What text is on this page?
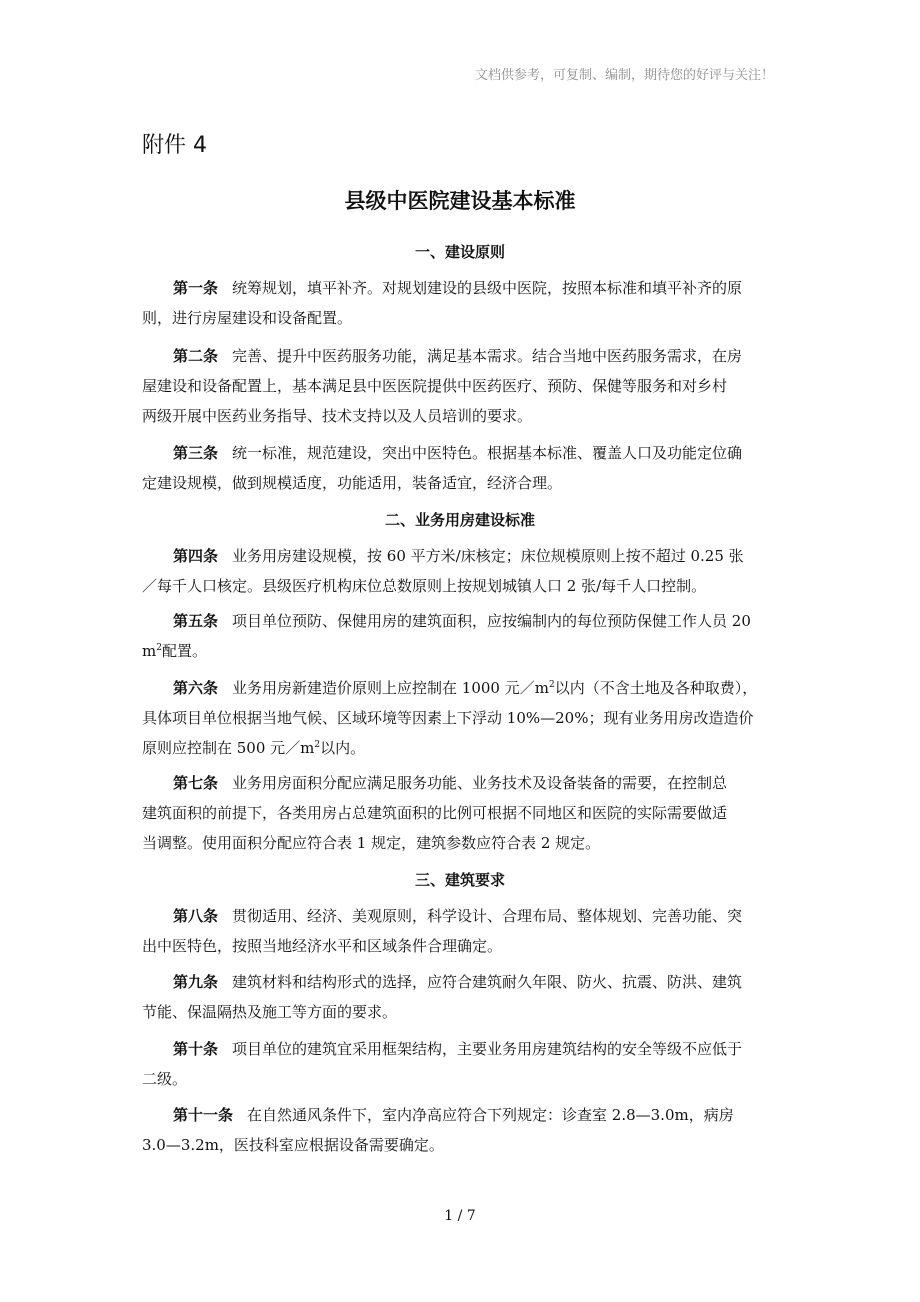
文档供参考，可复制、编制，期待您的好评与关注！
附件 4
县级中医院建设基本标准
一、建设原则

第一条 统筹规划，填平补齐。对规划建设的县级中医院，按照本标准和填平补齐的原
则，进行房屋建设和设备配置。

第二条 完善、提升中医药服务功能，满足基本需求。结合当地中医药服务需求，在房
屋建设和设备配置上，基本满足县中医医院提供中医药医疗、预防、保健等服务和对乡村
两级开展中医药业务指导、技术支持以及人员培训的要求。

第三条 统一标准，规范建设，突出中医特色。根据基本标准、覆盖人口及功能定位确
定建设规模，做到规模适度，功能适用，装备适宜，经济合理。

二、业务用房建设标准

第四条 业务用房建设规模，按 60 平方米/床核定；床位规模原则上按不超过 0.25 张
／每千人口核定。县级医疗机构床位总数原则上按规划城镇人口 2 张/每千人口控制。

第五条 项目单位预防、保健用房的建筑面积，应按编制内的每位预防保健工作人员 20
$m^2$配置。

第六条 业务用房新建造价原则上应控制在 1000 元$/m^2$以内（不含土地及各种取费），
具体项目单位根据当地气候、区域环境等因素上下浮动 10%—20%；现有业务用房改造造价
原则应控制在 500 元$/m^2$以内。

第七条 业务用房面积分配应满足服务功能、业务技术及设备装备的需要，在控制总
建筑面积的前提下，各类用房占总建筑面积的比例可根据不同地区和医院的实际需要做适
当调整。使用面积分配应符合表 1 规定，建筑参数应符合表 2 规定。

三、建筑要求

第八条 贯彻适用、经济、美观原则，科学设计、合理布局、整体规划、完善功能、突
出中医特色，按照当地经济水平和区域条件合理确定。

第九条 建筑材料和结构形式的选择，应符合建筑耐久年限、防火、抗震、防洪、建筑
节能、保温隔热及施工等方面的要求。

第十条 项目单位的建筑宜采用框架结构，主要业务用房建筑结构的安全等级不应低于
二级。

第十一条 在自然通风条件下，室内净高应符合下列规定：诊查室 2.8—3.0m，病房
3.0—3.2m，医技科室应根据设备需要确定。

1 / 7
